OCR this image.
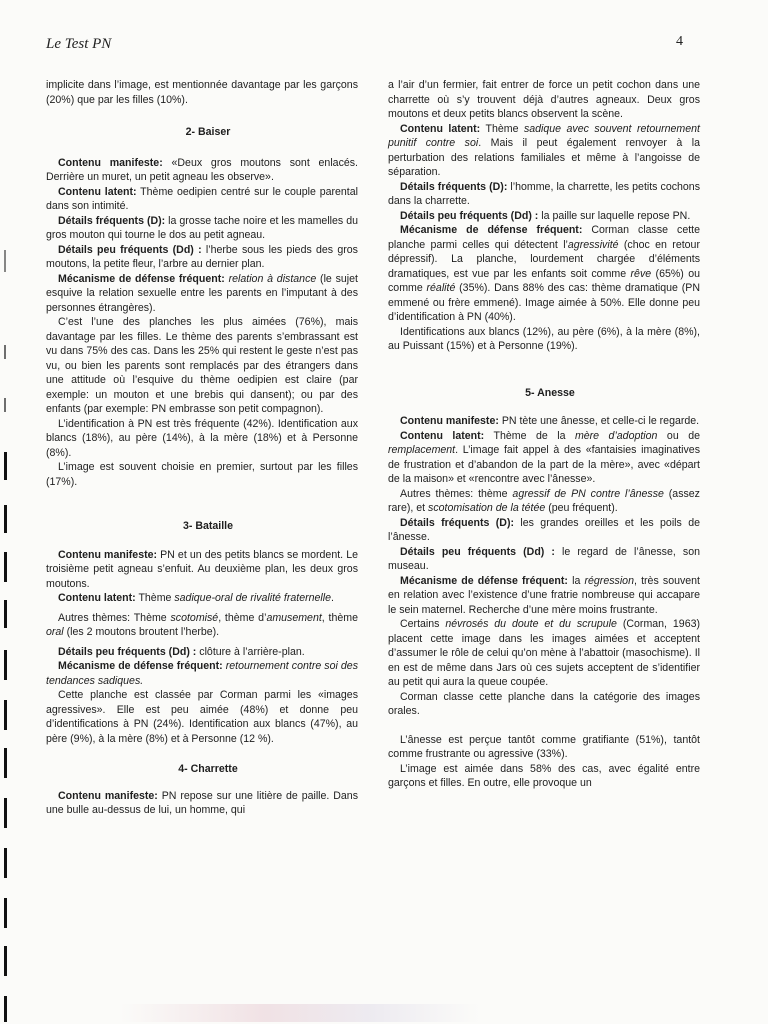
Le Test PN	4

implicite dans l’image, est mentionnée davantage par les garçons (20%) que par les filles (10%).

2- Baiser

Contenu manifeste: «Deux gros moutons sont enlacés. Derrière un muret, un petit agneau les observe».

Contenu latent: Thème oedipien centré sur le couple parental dans son intimité.

Détails fréquents (D): la grosse tache noire et les mamelles du gros mouton qui tourne le dos au petit agneau.

Détails peu fréquents (Dd) : l’herbe sous les pieds des gros moutons, la petite fleur, l’arbre au dernier plan.

Mécanisme de défense fréquent: relation à distance (le sujet esquive la relation sexuelle entre les parents en l’imputant à des personnes étrangères).

C’est l’une des planches les plus aimées (76%), mais davantage par les filles. Le thème des parents s’embrassant est vu dans 75% des cas. Dans les 25% qui restent le geste n’est pas vu, ou bien les parents sont remplacés par des étrangers dans une attitude où l’esquive du thème oedipien est claire (par exemple: un mouton et une brebis qui dansent); ou par des enfants (par exemple: PN embrasse son petit compagnon).

L’identification à PN est très fréquente (42%). Identification aux blancs (18%), au père (14%), à la mère (18%) et à Personne (8%).

L’image est souvent choisie en premier, surtout par les filles (17%).

3- Bataille

Contenu manifeste: PN et un des petits blancs se mordent. Le troisième petit agneau s’enfuit. Au deuxième plan, les deux gros moutons.

Contenu latent: Thème sadique-oral de rivalité fraternelle.

Autres thèmes: Thème scotomisé, thème d’amusement, thème oral (les 2 moutons broutent l’herbe).

Détails peu fréquents (Dd) : clôture à l’arrière-plan.

Mécanisme de défense fréquent: retournement contre soi des tendances sadiques.

Cette planche est classée par Corman parmi les «images agressives». Elle est peu aimée (48%) et donne peu d’identifications à PN (24%). Identification aux blancs (47%), au père (9%), à la mère (8%) et à Personne (12 %).

4- Charrette

Contenu manifeste: PN repose sur une litière de paille. Dans une bulle au-dessus de lui, un homme, qui

a l’air d’un fermier, fait entrer de force un petit cochon dans une charrette où s’y trouvent déjà d’autres agneaux. Deux gros moutons et deux petits blancs observent la scène.

Contenu latent: Thème sadique avec souvent retournement punitif contre soi. Mais il peut également renvoyer à la perturbation des relations familiales et même à l’angoisse de séparation.

Détails fréquents (D): l’homme, la charrette, les petits cochons dans la charrette.

Détails peu fréquents (Dd) : la paille sur laquelle repose PN.

Mécanisme de défense fréquent: Corman classe cette planche parmi celles qui détectent l’agressivité (choc en retour dépressif). La planche, lourdement chargée d’éléments dramatiques, est vue par les enfants soit comme rêve (65%) ou comme réalité (35%). Dans 88% des cas: thème dramatique (PN emmené ou frère emmené). Image aimée à 50%. Elle donne peu d’identification à PN (40%).

Identifications aux blancs (12%), au père (6%), à la mère (8%), au Puissant (15%) et à Personne (19%).

5- Anesse

Contenu manifeste: PN tète une ânesse, et celle-ci le regarde.

Contenu latent: Thème de la mère d’adoption ou de remplacement. L’image fait appel à des «fantaisies imaginatives de frustration et d’abandon de la part de la mère», avec «départ de la maison» et «rencontre avec l’ânesse».

Autres thèmes: thème agressif de PN contre l’ânesse (assez rare), et scotomisation de la tétée (peu fréquent).

Détails fréquents (D): les grandes oreilles et les poils de l’ânesse.

Détails peu fréquents (Dd) : le regard de l’ânesse, son museau.

Mécanisme de défense fréquent: la régression, très souvent en relation avec l’existence d’une fratrie nombreuse qui accapare le sein maternel. Recherche d’une mère moins frustrante.

Certains névrosés du doute et du scrupule (Corman, 1963) placent cette image dans les images aimées et acceptent d’assumer le rôle de celui qu’on mène à l’abattoir (masochisme). Il en est de même dans Jars où ces sujets acceptent de s’identifier au petit qui aura la queue coupée.

Corman classe cette planche dans la catégorie des images orales.

L’ânesse est perçue tantôt comme gratifiante (51%), tantôt comme frustrante ou agressive (33%).

L’image est aimée dans 58% des cas, avec égalité entre garçons et filles. En outre, elle provoque un
